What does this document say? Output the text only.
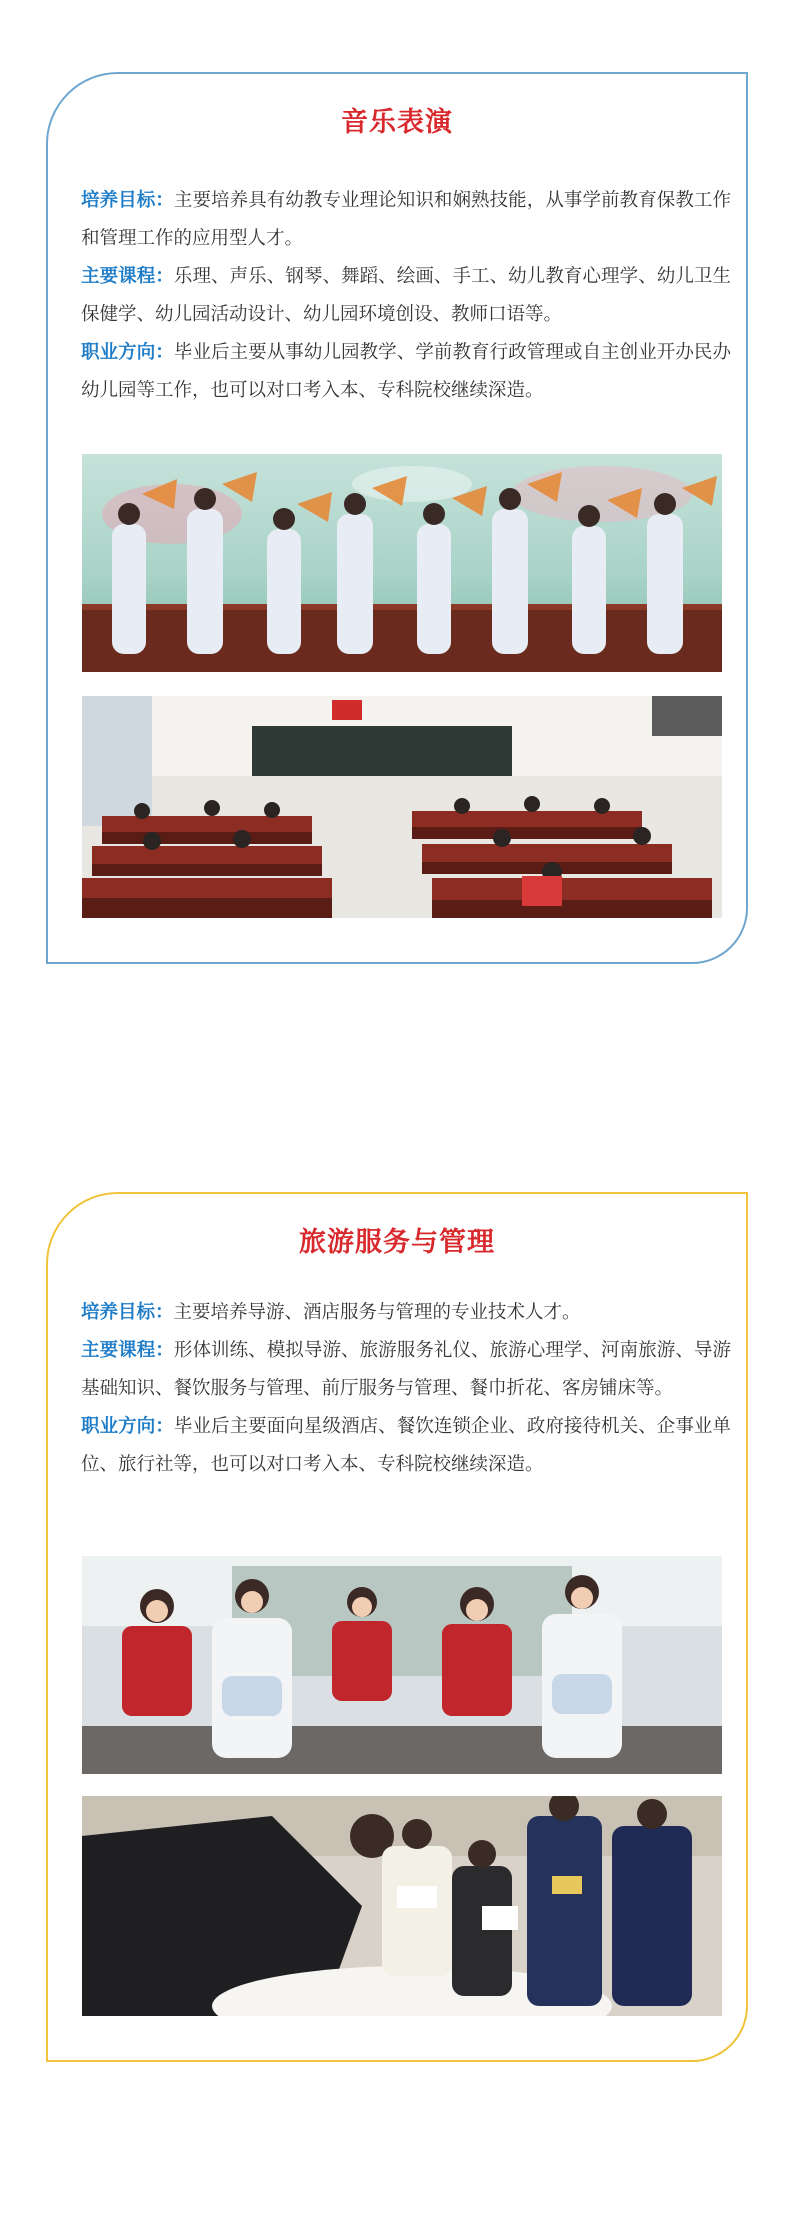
音乐表演

培养目标：主要培养具有幼教专业理论知识和娴熟技能，从事学前教育保教工作和管理工作的应用型人才。

主要课程：乐理、声乐、钢琴、舞蹈、绘画、手工、幼儿教育心理学、幼儿卫生保健学、幼儿园活动设计、幼儿园环境创设、教师口语等。

职业方向：毕业后主要从事幼儿园教学、学前教育行政管理或自主创业开办民办幼儿园等工作，也可以对口考入本、专科院校继续深造。

旅游服务与管理

培养目标：主要培养导游、酒店服务与管理的专业技术人才。

主要课程：形体训练、模拟导游、旅游服务礼仪、旅游心理学、河南旅游、导游基础知识、餐饮服务与管理、前厅服务与管理、餐巾折花、客房铺床等。

职业方向：毕业后主要面向星级酒店、餐饮连锁企业、政府接待机关、企事业单位、旅行社等，也可以对口考入本、专科院校继续深造。
